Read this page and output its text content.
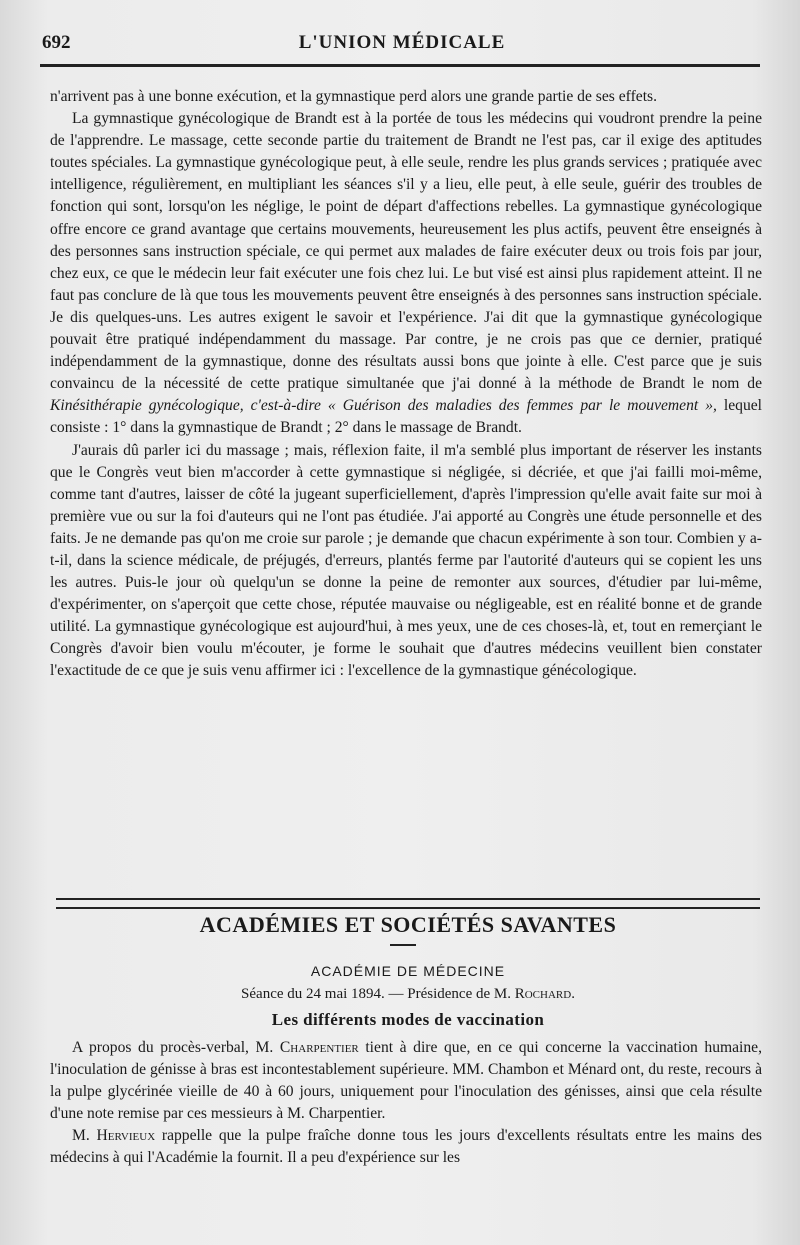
692	L'UNION MÉDICALE

n'arrivent pas à une bonne exécution, et la gymnastique perd alors une grande partie de ses effets.

La gymnastique gynécologique de Brandt est à la portée de tous les médecins qui voudront prendre la peine de l'apprendre. Le massage, cette seconde partie du traitement de Brandt ne l'est pas, car il exige des aptitudes toutes spéciales. La gymnastique gynécologique peut, à elle seule, rendre les plus grands services ; pratiquée avec intelligence, régulièrement, en multipliant les séances s'il y a lieu, elle peut, à elle seule, guérir des troubles de fonction qui sont, lorsqu'on les néglige, le point de départ d'affections rebelles. La gymnastique gynécologique offre encore ce grand avantage que certains mouvements, heureusement les plus actifs, peuvent être enseignés à des personnes sans instruction spéciale, ce qui permet aux malades de faire exécuter deux ou trois fois par jour, chez eux, ce que le médecin leur fait exécuter une fois chez lui. Le but visé est ainsi plus rapidement atteint. Il ne faut pas conclure de là que tous les mouvements peuvent être enseignés à des personnes sans instruction spéciale. Je dis quelques-uns. Les autres exigent le savoir et l'expérience. J'ai dit que la gymnastique gynécologique pouvait être pratiqué indépendamment du massage. Par contre, je ne crois pas que ce dernier, pratiqué indépendamment de la gymnastique, donne des résultats aussi bons que jointe à elle. C'est parce que je suis convaincu de la nécessité de cette pratique simultanée que j'ai donné à la méthode de Brandt le nom de Kinésithérapie gynécologique, c'est-à-dire « Guérison des maladies des femmes par le mouvement », lequel consiste : 1° dans la gymnastique de Brandt ; 2° dans le massage de Brandt.

J'aurais dû parler ici du massage ; mais, réflexion faite, il m'a semblé plus important de réserver les instants que le Congrès veut bien m'accorder à cette gymnastique si négligée, si décriée, et que j'ai failli moi-même, comme tant d'autres, laisser de côté la jugeant superficiellement, d'après l'impression qu'elle avait faite sur moi à première vue ou sur la foi d'auteurs qui ne l'ont pas étudiée. J'ai apporté au Congrès une étude personnelle et des faits. Je ne demande pas qu'on me croie sur parole ; je demande que chacun expérimente à son tour. Combien y a-t-il, dans la science médicale, de préjugés, d'erreurs, plantés ferme par l'autorité d'auteurs qui se copient les uns les autres. Puis-le jour où quelqu'un se donne la peine de remonter aux sources, d'étudier par lui-même, d'expérimenter, on s'aperçoit que cette chose, réputée mauvaise ou négligeable, est en réalité bonne et de grande utilité. La gymnastique gynécologique est aujourd'hui, à mes yeux, une de ces choses-là, et, tout en remerçiant le Congrès d'avoir bien voulu m'écouter, je forme le souhait que d'autres médecins veuillent bien constater l'exactitude de ce que je suis venu affirmer ici : l'excellence de la gymnastique génécologique.

ACADÉMIES ET SOCIÉTÉS SAVANTES
ACADÉMIE DE MÉDECINE
Séance du 24 mai 1894. — Présidence de M. Rochard.
Les différents modes de vaccination

A propos du procès-verbal, M. Charpentier tient à dire que, en ce qui concerne la vaccination humaine, l'inoculation de génisse à bras est incontestablement supérieure. MM. Chambon et Ménard ont, du reste, recours à la pulpe glycérinée vieille de 40 à 60 jours, uniquement pour l'inoculation des génisses, ainsi que cela résulte d'une note remise par ces messieurs à M. Charpentier.

M. Hervieux rappelle que la pulpe fraîche donne tous les jours d'excellents résultats entre les mains des médecins à qui l'Académie la fournit. Il a peu d'expérience sur les
